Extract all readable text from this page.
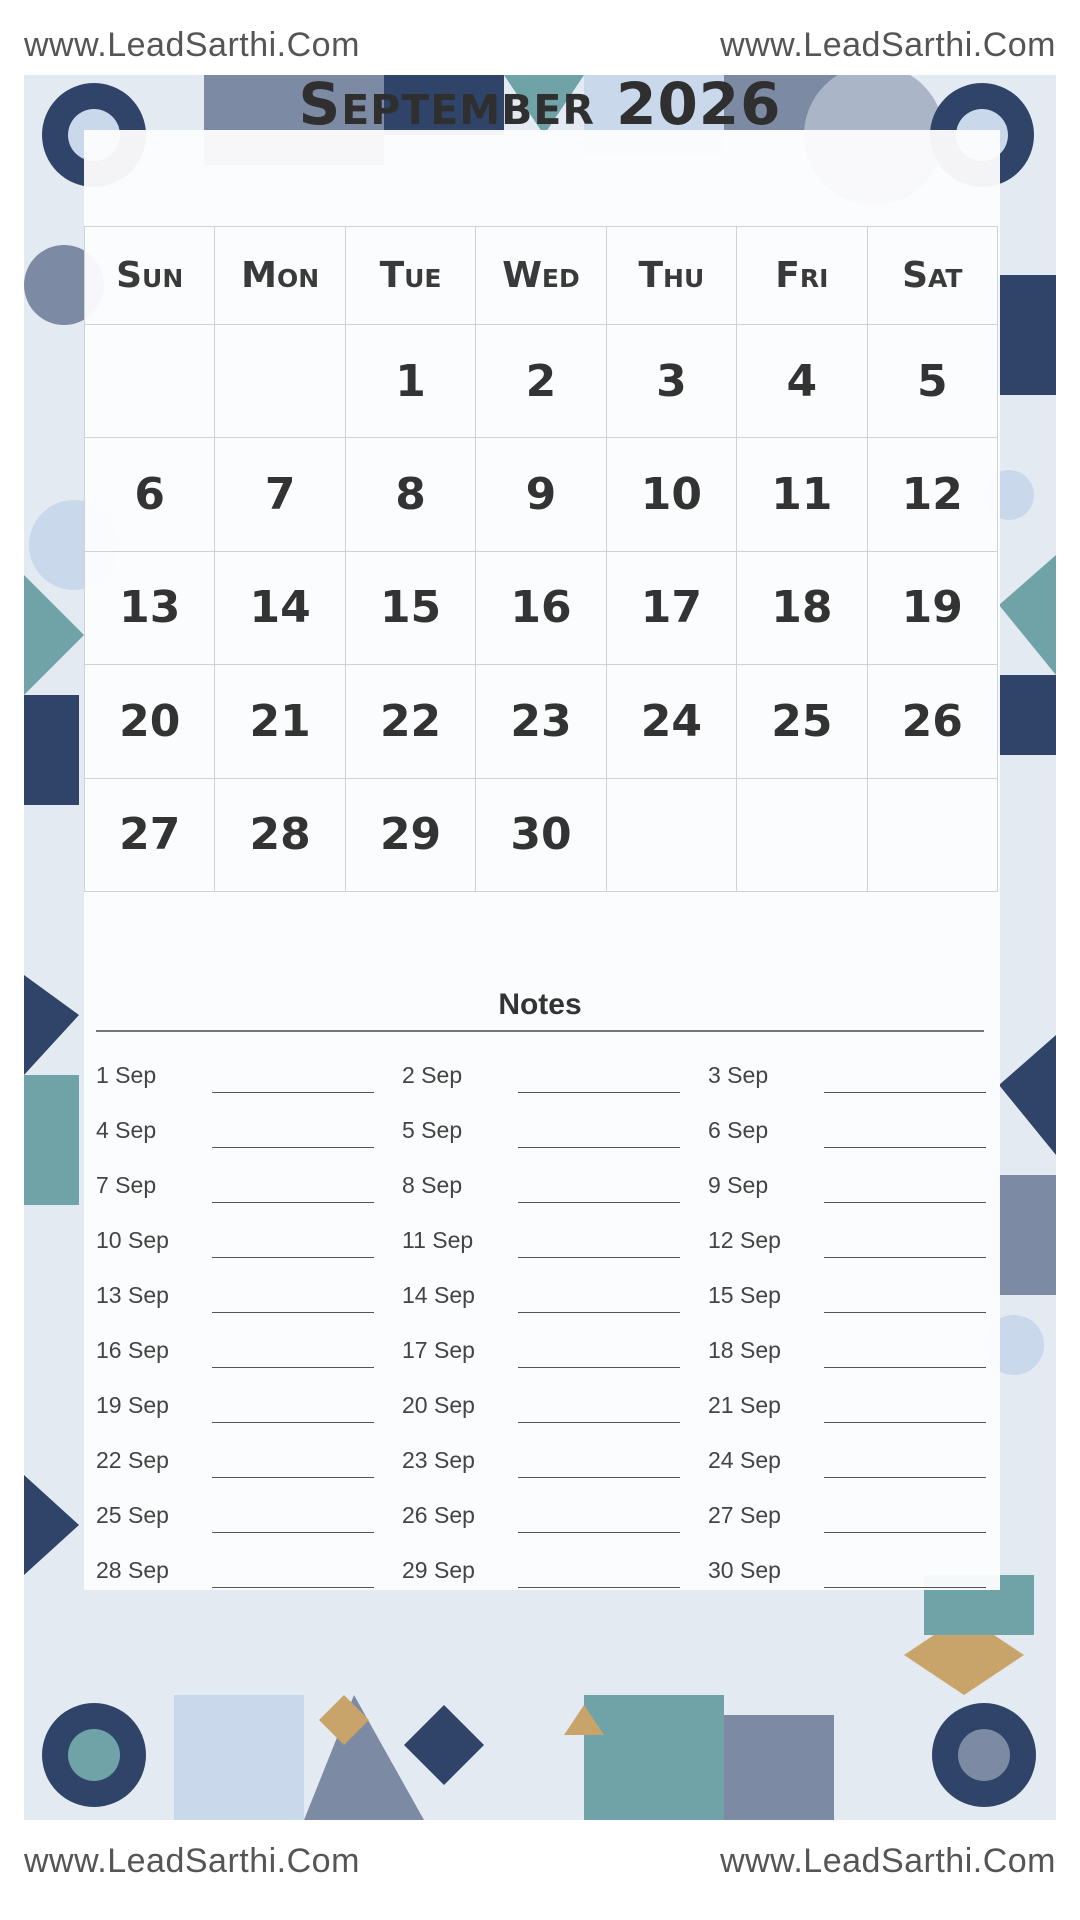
www.LeadSarthi.Com	www.LeadSarthi.Com
www.LeadSarthi.Com	www.LeadSarthi.Com
September 2026
Sun	Mon	Tue	Wed	Thu	Fri	Sat
		1	2	3	4	5
6	7	8	9	10	11	12
13	14	15	16	17	18	19
20	21	22	23	24	25	26
27	28	29	30			
Notes
1 Sep	2 Sep	3 Sep
4 Sep	5 Sep	6 Sep
7 Sep	8 Sep	9 Sep
10 Sep	11 Sep	12 Sep
13 Sep	14 Sep	15 Sep
16 Sep	17 Sep	18 Sep
19 Sep	20 Sep	21 Sep
22 Sep	23 Sep	24 Sep
25 Sep	26 Sep	27 Sep
28 Sep	29 Sep	30 Sep
